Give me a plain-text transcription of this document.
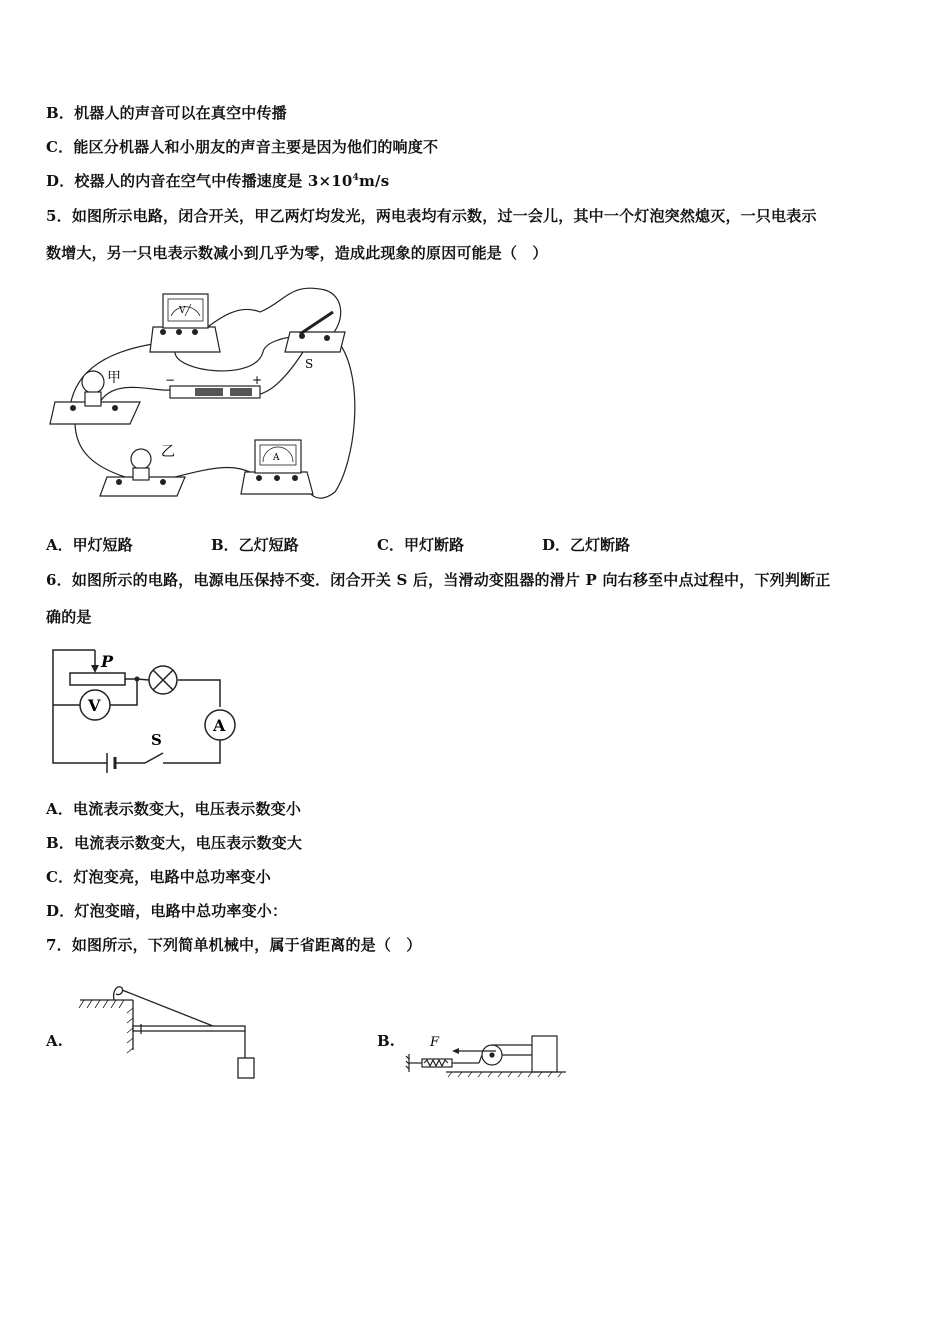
B．机器人的声音可以在真空中传播
C．能区分机器人和小朋友的声音主要是因为他们的响度不
D．校器人的内音在空气中传播速度是 $3\times 10^4m/s$
5．如图所示电路，闭合开关，甲乙两灯均发光，两电表均有示数，过一会儿，其中一个灯泡突然熄灭，一只电表示
数增大，另一只电表示数减小到几乎为零，造成此现象的原因可能是（　）
V
S
甲	−	+
乙	A
A．甲灯短路	B．乙灯短路	C．甲灯断路	D．乙灯断路
6．如图所示的电路，电源电压保持不变．闭合开关 S 后，当滑动变阻器的滑片 P 向右移至中点过程中，下列判断正
确的是
P
V
A
S
A．电流表示数变大，电压表示数变小
B．电流表示数变大，电压表示数变大
C．灯泡变亮，电路中总功率变小
D．灯泡变暗，电路中总功率变小：
7．如图所示，下列简单机械中，属于省距离的是（　）
A.	B.	F
